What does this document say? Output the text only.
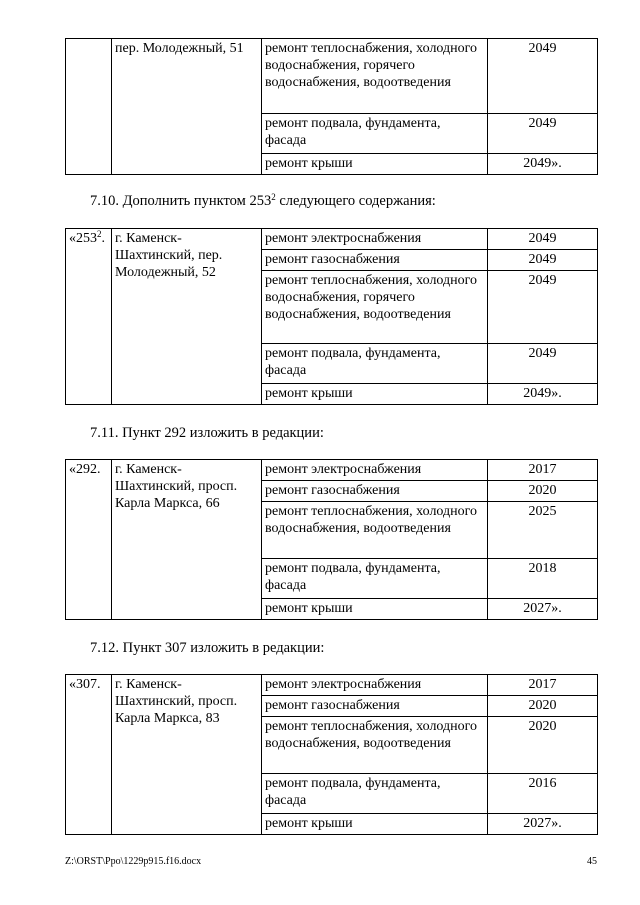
	пер. Молодежный, 51	ремонт теплоснабжения, холодного водоснабжения, горячего водоснабжения, водоотведения	2049
		ремонт подвала, фундамента, фасада	2049
		ремонт крыши	2049».

7.10. Дополнить пунктом $253^2$ следующего содержания:

«$253^2$.	г. Каменск-Шахтинский, пер. Молодежный, 52	ремонт электроснабжения	2049
		ремонт газоснабжения	2049
		ремонт теплоснабжения, холодного водоснабжения, горячего водоснабжения, водоотведения	2049
		ремонт подвала, фундамента, фасада	2049
		ремонт крыши	2049».

7.11. Пункт 292 изложить в редакции:

«292.	г. Каменск-Шахтинский, просп. Карла Маркса, 66	ремонт электроснабжения	2017
		ремонт газоснабжения	2020
		ремонт теплоснабжения, холодного водоснабжения, водоотведения	2025
		ремонт подвала, фундамента, фасада	2018
		ремонт крыши	2027».

7.12. Пункт 307 изложить в редакции:

«307.	г. Каменск-Шахтинский, просп. Карла Маркса, 83	ремонт электроснабжения	2017
		ремонт газоснабжения	2020
		ремонт теплоснабжения, холодного водоснабжения, водоотведения	2020
		ремонт подвала, фундамента, фасада	2016
		ремонт крыши	2027».
Z:\ORST\Ppo\1229p915.f16.docx	45
